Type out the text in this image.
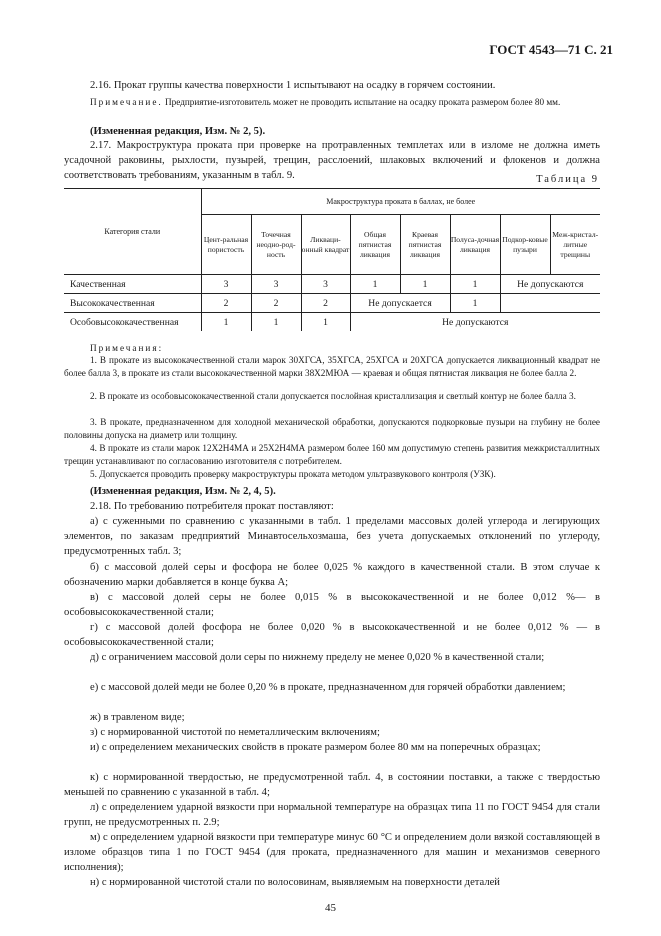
ГОСТ 4543—71 С. 21

2.16. Прокат группы качества поверхности 1 испытывают на осадку в горячем состоянии.

Примечание. Предприятие-изготовитель может не проводить испытание на осадку проката размером более 80 мм.

(Измененная редакция, Изм. № 2, 5).

2.17. Макроструктура проката при проверке на протравленных темплетах или в изломе не должна иметь усадочной раковины, рыхлости, пузырей, трещин, расслоений, шлаковых включений и флокенов и должна соответствовать требованиям, указанным в табл. 9.	Таблица 9
Категория стали	Макроструктура проката в баллах, не более							
	Цент-ральная пористость	Точечная неодно-род-ность	Ликваци-онный квадрат	Общая пятнистая ликвация	Краевая пятнистая ликвация	Полуса-дочная ликвация	Подкор-ковые пузыри	Меж-кристал-литные трещины
Качественная	3	3	3	1	1	1	Не допускаются	
Высококачественная	2	2	2	Не допускается		1		
Особовысококачественная	1	1	1	Не допускаются				

Примечания:

1. В прокате из высококачественной стали марок 30ХГСА, 35ХГСА, 25ХГСА и 20ХГСА допускается ликвационный квадрат не более балла 3, в прокате из стали высококачественной марки 38Х2МЮА — краевая и общая пятнистая ликвация не более балла 2.

2. В прокате из особовысококачественной стали допускается послойная кристаллизация и светлый контур не более балла 3.

3. В прокате, предназначенном для холодной механической обработки, допускаются подкорковые пузыри на глубину не более половины допуска на диаметр или толщину.

4. В прокате из стали марок 12Х2Н4МА и 25Х2Н4МА размером более 160 мм допустимую степень развития межкристаллитных трещин устанавливают по согласованию изготовителя с потребителем.

5. Допускается проводить проверку макроструктуры проката методом ультразвукового контроля (УЗК).

(Измененная редакция, Изм. № 2, 4, 5).

2.18. По требованию потребителя прокат поставляют:

а) с суженными по сравнению с указанными в табл. 1 пределами массовых долей углерода и легирующих элементов, по заказам предприятий Минавтосельхозмаша, без учета допускаемых отклонений по углероду, предусмотренных табл. 3;

б) с массовой долей серы и фосфора не более 0,025 % каждого в качественной стали. В этом случае к обозначению марки добавляется в конце буква А;

в) с массовой долей серы не более 0,015 % в высококачественной и не более 0,012 %— в особовысококачественной стали;

г) с массовой долей фосфора не более 0,020 % в высококачественной и не более 0,012 % — в особовысококачественной стали;

д) с ограничением массовой доли серы по нижнему пределу не менее 0,020 % в качественной стали;

е) с массовой долей меди не более 0,20 % в прокате, предназначенном для горячей обработки давлением;

ж) в травленом виде;

з) с нормированной чистотой по неметаллическим включениям;

и) с определением механических свойств в прокате размером более 80 мм на поперечных образцах;

к) с нормированной твердостью, не предусмотренной табл. 4, в состоянии поставки, а также с твердостью меньшей по сравнению с указанной в табл. 4;

л) с определением ударной вязкости при нормальной температуре на образцах типа 11 по ГОСТ 9454 для стали групп, не предусмотренных п. 2.9;

м) с определением ударной вязкости при температуре минус 60 °С и определением доли вязкой составляющей в изломе образцов типа 1 по ГОСТ 9454 (для проката, предназначенного для машин и механизмов северного исполнения);

н) с нормированной чистотой стали по волосовинам, выявляемым на поверхности деталей

45
